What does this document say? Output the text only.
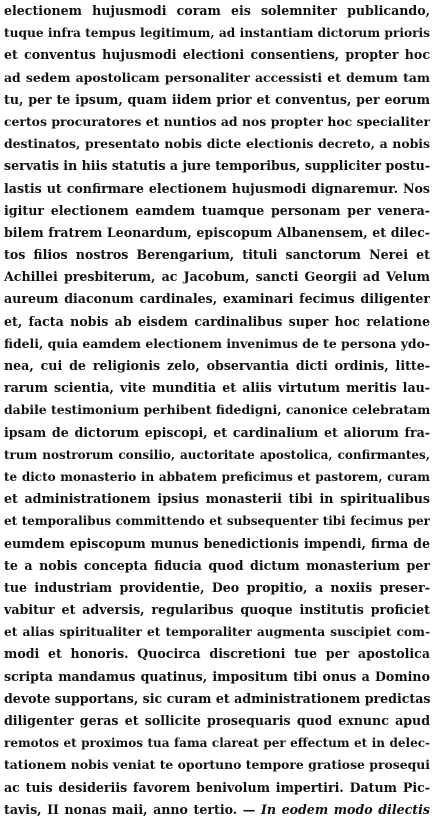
electionem hujusmodi coram eis solemniter publicando,
tuque infra tempus legitimum, ad instantiam dictorum prioris
et conventus hujusmodi electioni consentiens, propter hoc
ad sedem apostolicam personaliter accessisti et demum tam
tu, per te ipsum, quam iidem prior et conventus, per eorum
certos procuratores et nuntios ad nos propter hoc specialiter
destinatos, presentato nobis dicte electionis decreto, a nobis
servatis in hiis statutis a jure temporibus, suppliciter postu-
lastis ut confirmare electionem hujusmodi dignaremur. Nos
igitur electionem eamdem tuamque personam per venera-
bilem fratrem Leonardum, episcopum Albanensem, et dilec-
tos filios nostros Berengarium, tituli sanctorum Nerei et
Achillei presbiterum, ac Jacobum, sancti Georgii ad Velum
aureum diaconum cardinales, examinari fecimus diligenter
et, facta nobis ab eisdem cardinalibus super hoc relatione
fideli, quia eamdem electionem invenimus de te persona ydo-
nea, cui de religionis zelo, observantia dicti ordinis, litte-
rarum scientia, vite munditia et aliis virtutum meritis lau-
dabile testimonium perhibent fidedigni, canonice celebratam
ipsam de dictorum episcopi, et cardinalium et aliorum fra-
trum nostrorum consilio, auctoritate apostolica, confirmantes,
te dicto monasterio in abbatem preficimus et pastorem, curam
et administrationem ipsius monasterii tibi in spiritualibus
et temporalibus committendo et subsequenter tibi fecimus per
eumdem episcopum munus benedictionis impendi, firma de
te a nobis concepta fiducia quod dictum monasterium per
tue industriam providentie, Deo propitio, a noxiis preser-
vabitur et adversis, regularibus quoque institutis proficiet
et alias spiritualiter et temporaliter augmenta suscipiet com-
modi et honoris. Quocirca discretioni tue per apostolica
scripta mandamus quatinus, impositum tibi onus a Domino
devote supportans, sic curam et administrationem predictas
diligenter geras et sollicite prosequaris quod exnunc apud
remotos et proximos tua fama clareat per effectum et in delec-
tationem nobis veniat te oportuno tempore gratiose prosequi
ac tuis desideriis favorem benivolum impertiri. Datum Pic-
tavis, II nonas maii, anno tertio. — In eodem modo dilectis
